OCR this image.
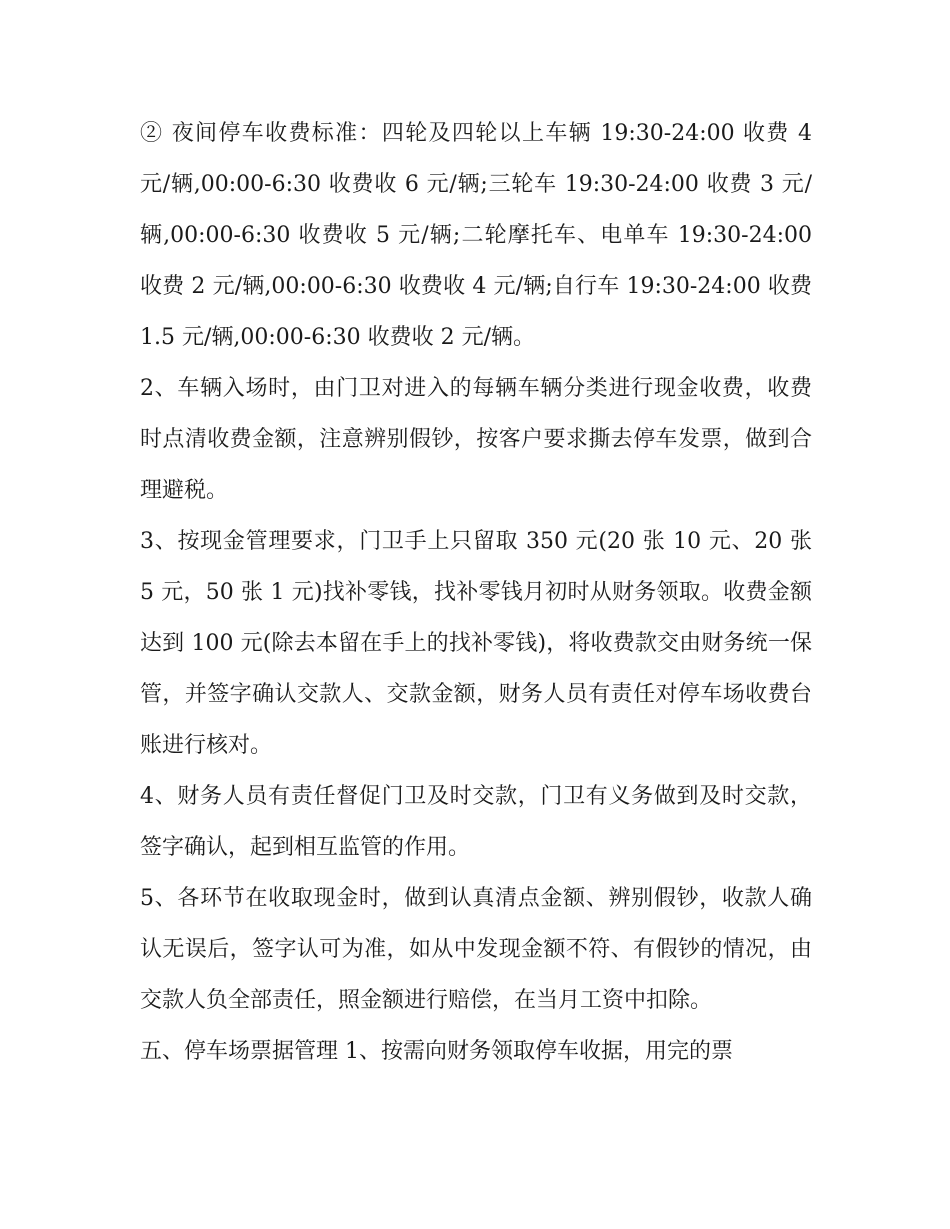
② 夜间停车收费标准：四轮及四轮以上车辆 19:30-24:00 收费 4 元/辆,00:00-6:30 收费收 6 元/辆;三轮车 19:30-24:00 收费 3 元/辆,00:00-6:30 收费收 5 元/辆;二轮摩托车、电单车 19:30-24:00 收费 2 元/辆,00:00-6:30 收费收 4 元/辆;自行车 19:30-24:00 收费 1.5 元/辆,00:00-6:30 收费收 2 元/辆。

2、车辆入场时，由门卫对进入的每辆车辆分类进行现金收费，收费时点清收费金额，注意辨别假钞，按客户要求撕去停车发票，做到合理避税。

3、按现金管理要求，门卫手上只留取 350 元(20 张 10 元、20 张 5 元，50 张 1 元)找补零钱，找补零钱月初时从财务领取。收费金额达到 100 元(除去本留在手上的找补零钱)，将收费款交由财务统一保管，并签字确认交款人、交款金额，财务人员有责任对停车场收费台账进行核对。

4、财务人员有责任督促门卫及时交款，门卫有义务做到及时交款，签字确认，起到相互监管的作用。

5、各环节在收取现金时，做到认真清点金额、辨别假钞，收款人确认无误后，签字认可为准，如从中发现金额不符、有假钞的情况，由交款人负全部责任，照金额进行赔偿，在当月工资中扣除。

五、停车场票据管理 1、按需向财务领取停车收据，用完的票
